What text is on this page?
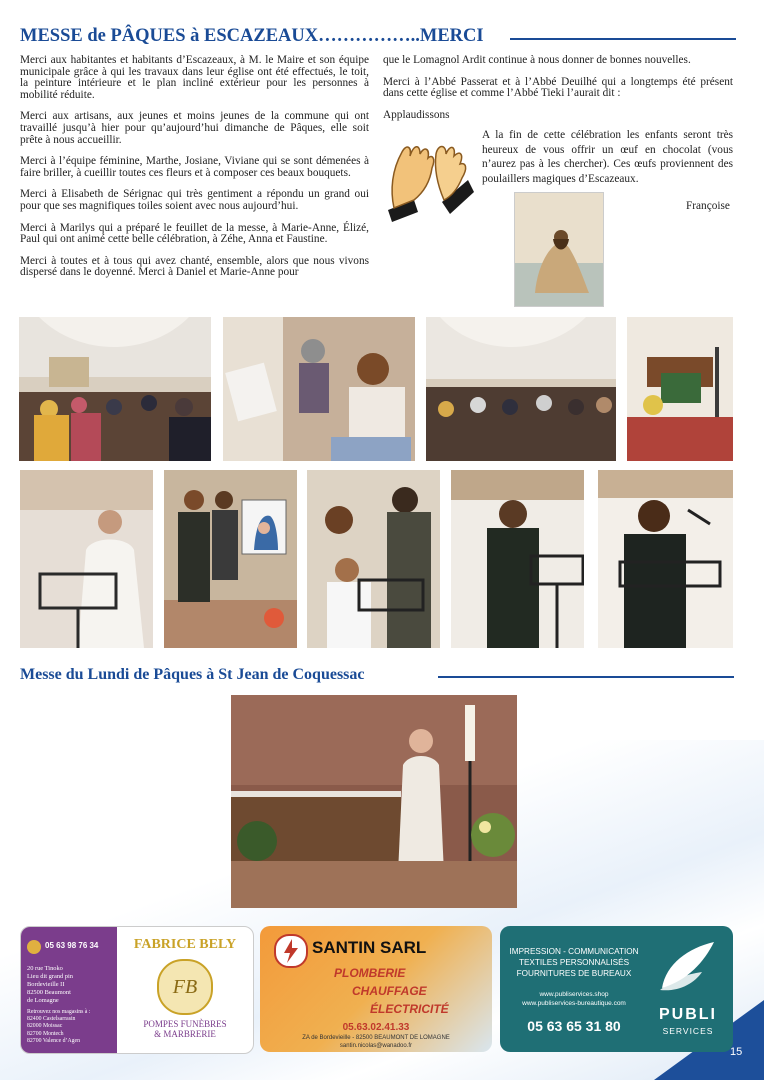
MESSE de PÂQUES à ESCAZEAUX……………..MERCI

Merci aux habitantes et habitants d’Escazeaux, à M. le Maire et son équipe municipale grâce à qui les travaux dans leur église ont été effectués, le toit, la peinture intérieure et le plan incliné extérieur pour les personnes à mobilité réduite.

Merci aux artisans, aux jeunes et moins jeunes de la commune qui ont travaillé jusqu’à hier pour qu’aujourd’hui dimanche de Pâques, elle soit prête à nous accueillir.

Merci à l’équipe féminine, Marthe, Josiane, Viviane qui se sont démenées à faire briller, à cueillir toutes ces fleurs et à composer ces beaux bouquets.

Merci à Elisabeth de Sérignac qui très gentiment a répondu un grand oui pour que ses magnifiques toiles soient avec nous aujourd’hui.

Merci à Marilys qui a préparé le feuillet de la messe, à Marie-Anne, Élizé, Paul qui ont animé cette belle célébration, à Zéhe, Anna et Faustine.

Merci à toutes et à tous qui avez chanté, ensemble, alors que nous vivons dispersé dans le doyenné. Merci à Daniel et Marie-Anne pour

que le Lomagnol Ardit continue à nous donner de bonnes nouvelles.

Merci à l’Abbé Passerat et à l’Abbé Deuilhé qui a longtemps été présent dans cette église et comme l’Abbé Tieki l’aurait dit :

Applaudissons

A la fin de cette célébration les enfants seront très heureux de vous offrir un œuf en chocolat (vous n’aurez pas à les chercher). Ces œufs proviennent des poulaillers magiques d’Escazeaux.
Françoise
Messe du Lundi de Pâques à St Jean de Coquessac
05 63 98 76 34
20 rue Tinoko
Lieu dit grand pin
Bordevieille II
82500 Beaumont
de Lomagne
Retrouvez nos magasins à :
82400 Castelsarrasin
82000 Moissac
82700 Montech
82700 Valence d’Agen
FABRICE BELY
FB
POMPES FUNÈBRES
& MARBRERIE
SANTIN SARL
PLOMBERIE
CHAUFFAGE
ÉLECTRICITÉ
05.63.02.41.33
ZA de Bordevieille - 82500 BEAUMONT DE LOMAGNE
santin.nicolas@wanadoo.fr
IMPRESSION - COMMUNICATION
TEXTILES PERSONNALISÉS
FOURNITURES DE BUREAUX
www.publiservices.shop
www.publiservices-bureautique.com
05 63 65 31 80
PUBLI
SERVICES
15
